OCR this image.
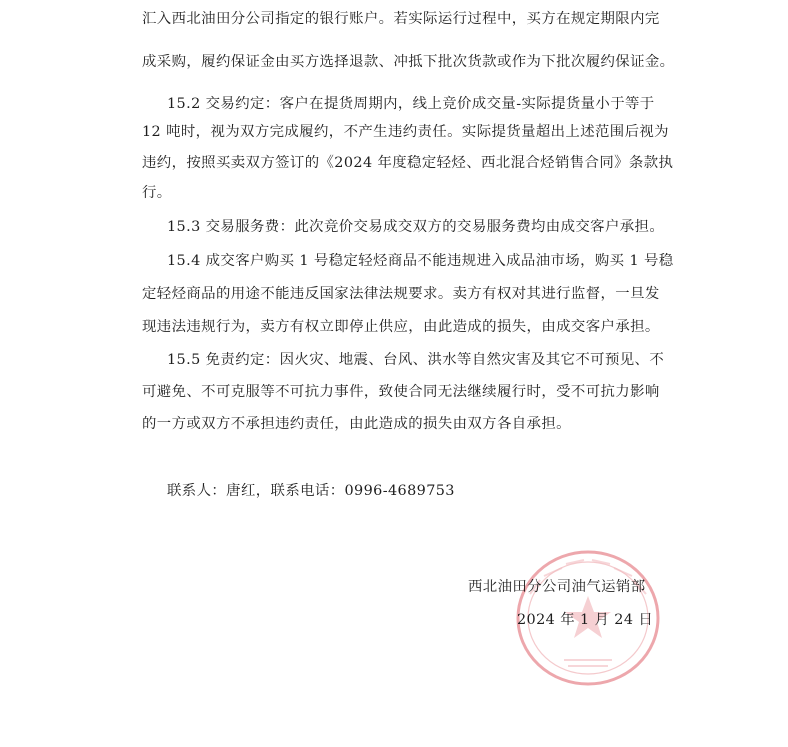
汇入西北油田分公司指定的银行账户。若实际运行过程中，买方在规定期限内完
成采购，履约保证金由买方选择退款、冲抵下批次货款或作为下批次履约保证金。
15.2 交易约定：客户在提货周期内，线上竞价成交量-实际提货量小于等于
12 吨时，视为双方完成履约，不产生违约责任。实际提货量超出上述范围后视为
违约，按照买卖双方签订的《2024 年度稳定轻烃、西北混合烃销售合同》条款执
行。
15.3 交易服务费：此次竞价交易成交双方的交易服务费均由成交客户承担。
15.4 成交客户购买 1 号稳定轻烃商品不能违规进入成品油市场，购买 1 号稳
定轻烃商品的用途不能违反国家法律法规要求。卖方有权对其进行监督，一旦发
现违法违规行为，卖方有权立即停止供应，由此造成的损失，由成交客户承担。
15.5 免责约定：因火灾、地震、台风、洪水等自然灾害及其它不可预见、不
可避免、不可克服等不可抗力事件，致使合同无法继续履行时，受不可抗力影响
的一方或双方不承担违约责任，由此造成的损失由双方各自承担。
联系人：唐红，联系电话：0996-4689753
西北油田分公司油气运销部
2024 年 1 月 24 日
